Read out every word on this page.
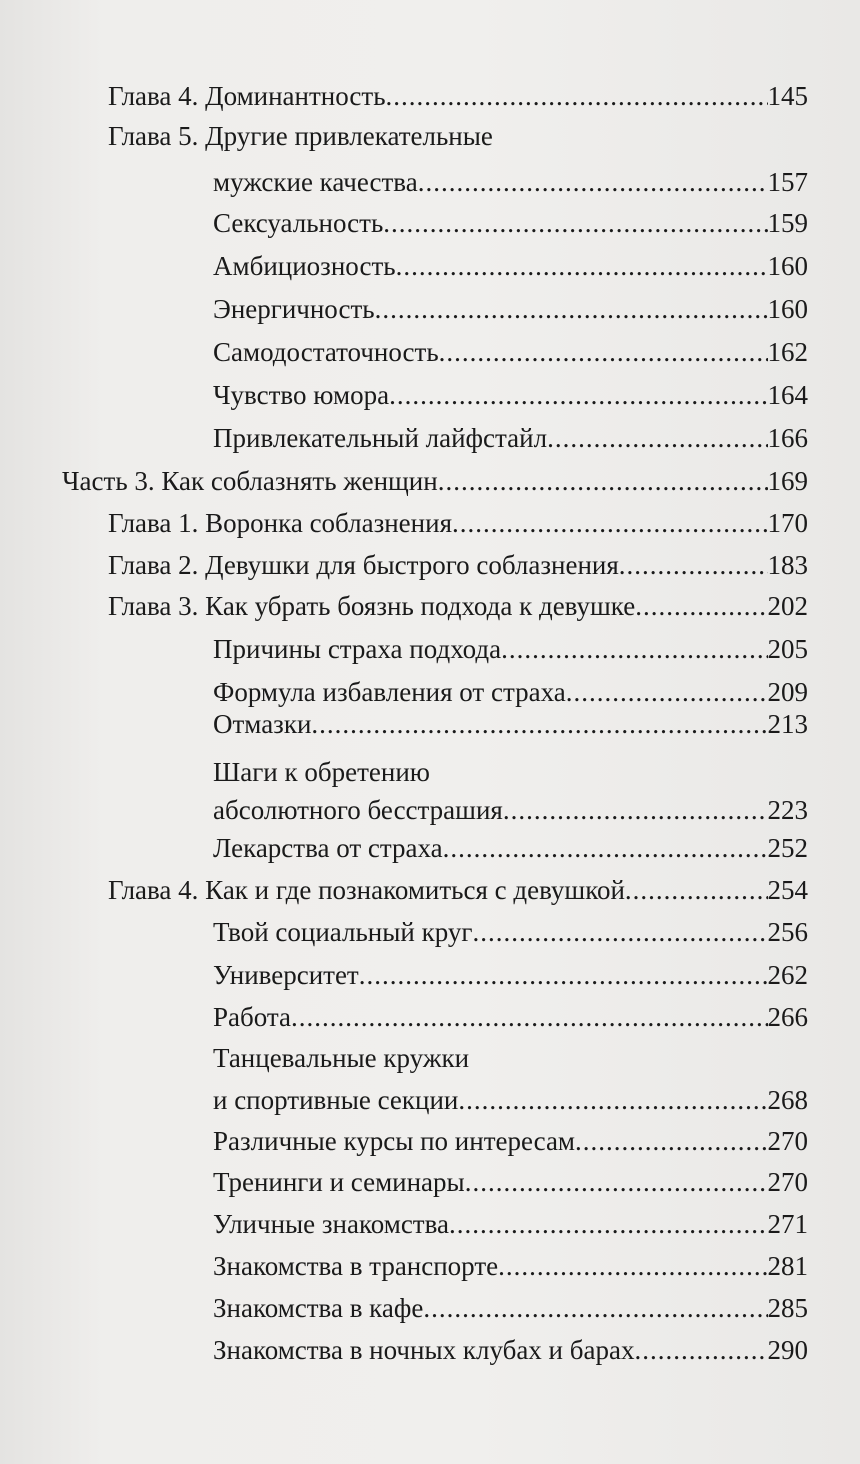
Глава 4. Доминантность .....	145
Глава 5. Другие привлекательные
мужские качества .....	157
Сексуальность .....	159
Амбициозность .....	160
Энергичность .....	160
Самодостаточность .....	162
Чувство юмора .....	164
Привлекательный лайфстайл .....	166
Часть 3. Как соблазнять женщин .....	169
Глава 1. Воронка соблазнения .....	170
Глава 2. Девушки для быстрого соблазнения .....	183
Глава 3. Как убрать боязнь подхода к девушке .....	202
Причины страха подхода .....	205
Формула избавления от страха .....	209
Отмазки .....	213
Шаги к обретению
абсолютного бесстрашия .....	223
Лекарства от страха .....	252
Глава 4. Как и где познакомиться с девушкой .....	254
Твой социальный круг .....	256
Университет .....	262
Работа .....	266
Танцевальные кружки
и спортивные секции .....	268
Различные курсы по интересам .....	270
Тренинги и семинары .....	270
Уличные знакомства .....	271
Знакомства в транспорте .....	281
Знакомства в кафе .....	285
Знакомства в ночных клубах и барах .....	290
